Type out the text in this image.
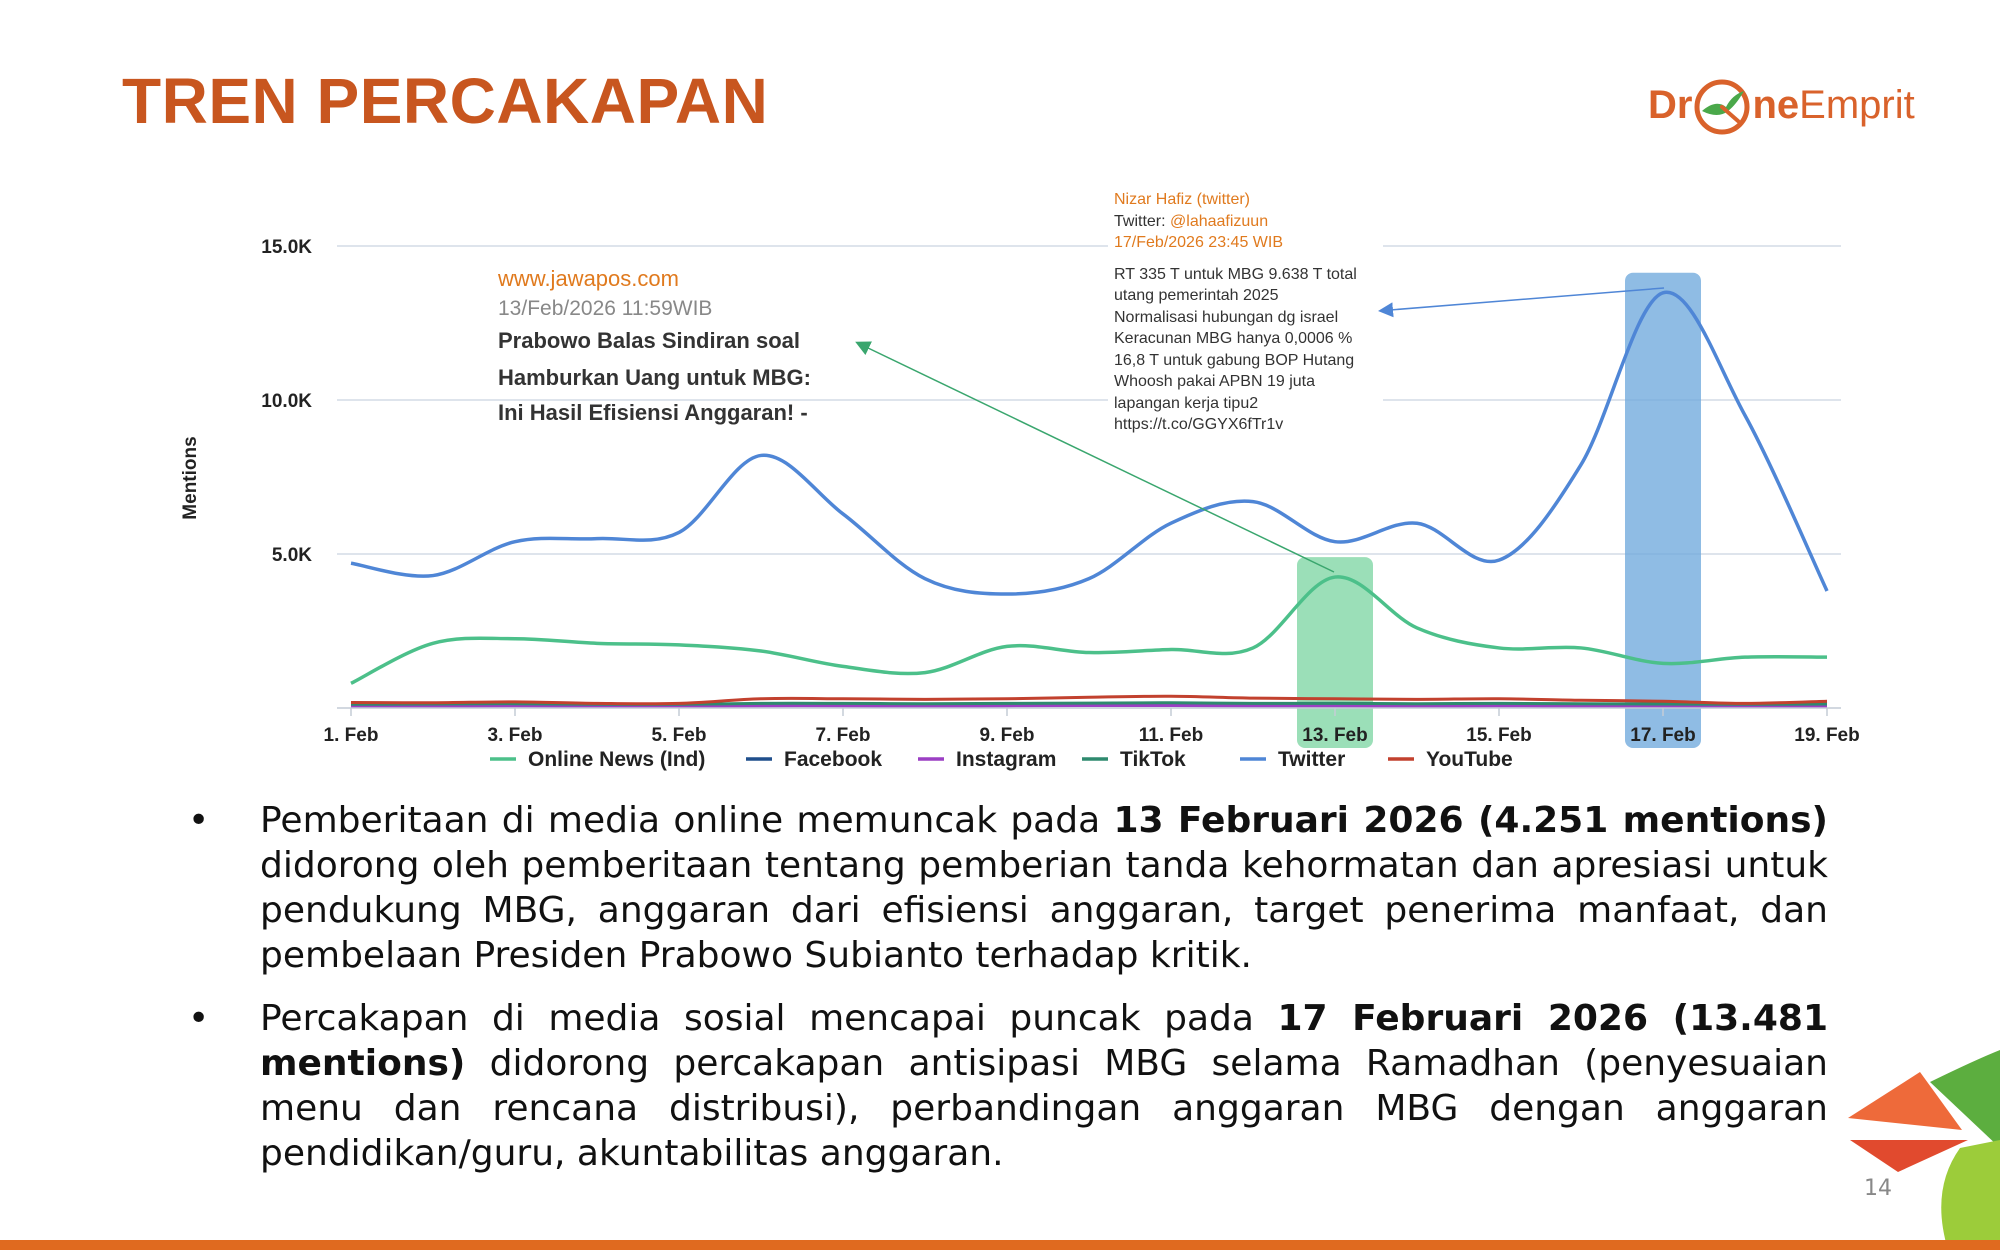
TREN PERCAKAPAN	Dr neEmprit
5.0K
10.0K
15.0K
1. Feb	3. Feb	5. Feb	7. Feb	9. Feb	11. Feb	13. Feb	15. Feb	17. Feb	19. Feb
Mentions
www.jawapos.com
13/Feb/2026 11:59WIB
Prabowo Balas Sindiran soal
Hamburkan Uang untuk MBG:
Ini Hasil Efisiensi Anggaran! -
Nizar Hafiz (twitter)
Twitter: @lahaafizuun
17/Feb/2026 23:45 WIB
RT 335 T untuk MBG 9.638 T total
utang pemerintah 2025
Normalisasi hubungan dg israel
Keracunan MBG hanya 0,0006 %
16,8 T untuk gabung BOP Hutang
Whoosh pakai APBN 19 juta
lapangan kerja tipu2
https://t.co/GGYX6fTr1v
Online News (Ind)	Facebook	Instagram	TikTok	Twitter	YouTube
• Pemberitaan di media online memuncak pada 13 Februari 2026 (4.251 mentions) didorong oleh pemberitaan tentang pemberian tanda kehormatan dan apresiasi untuk pendukung MBG, anggaran dari efisiensi anggaran, target penerima manfaat, dan pembelaan Presiden Prabowo Subianto terhadap kritik.
• Percakapan di media sosial mencapai puncak pada 17 Februari 2026 (13.481 mentions) didorong percakapan antisipasi MBG selama Ramadhan (penyesuaian menu dan rencana distribusi), perbandingan anggaran MBG dengan anggaran pendidikan/guru, akuntabilitas anggaran.
14
